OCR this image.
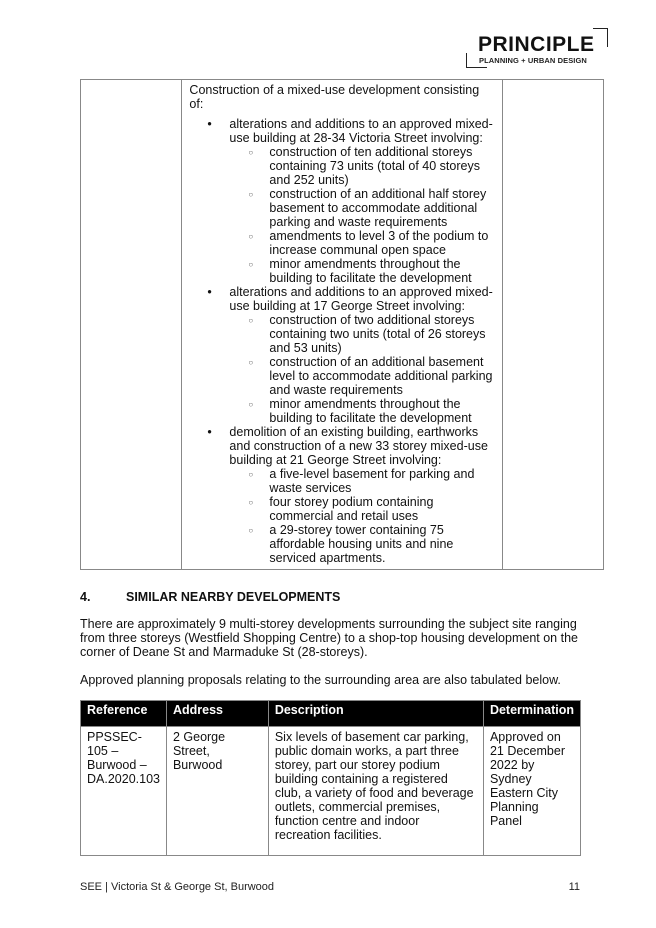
PRINCIPLE
PLANNING + URBAN DESIGN

Construction of a mixed-use development consisting of:
• alterations and additions to an approved mixed-use building at 28-34 Victoria Street involving:
○ construction of ten additional storeys containing 73 units (total of 40 storeys and 252 units)
○ construction of an additional half storey basement to accommodate additional parking and waste requirements
○ amendments to level 3 of the podium to increase communal open space
○ minor amendments throughout the building to facilitate the development
• alterations and additions to an approved mixed-use building at 17 George Street involving:
○ construction of two additional storeys containing two units (total of 26 storeys and 53 units)
○ construction of an additional basement level to accommodate additional parking and waste requirements
○ minor amendments throughout the building to facilitate the development
• demolition of an existing building, earthworks and construction of a new 33 storey mixed-use building at 21 George Street involving:
○ a five-level basement for parking and waste services
○ four storey podium containing commercial and retail uses
○ a 29-storey tower containing 75 affordable housing units and nine serviced apartments.

4.	SIMILAR NEARBY DEVELOPMENTS
There are approximately 9 multi-storey developments surrounding the subject site ranging from three storeys (Westfield Shopping Centre) to a shop-top housing development on the corner of Deane St and Marmaduke St (28-storeys).
Approved planning proposals relating to the surrounding area are also tabulated below.
Reference	Address	Description	Determination
PPSSEC-105 – Burwood – DA.2020.103	2 George Street, Burwood	Six levels of basement car parking, public domain works, a part three storey, part our storey podium building containing a registered club, a variety of food and beverage outlets, commercial premises, function centre and indoor recreation facilities.	Approved on 21 December 2022 by Sydney Eastern City Planning Panel
SEE | Victoria St & George St, Burwood	11
